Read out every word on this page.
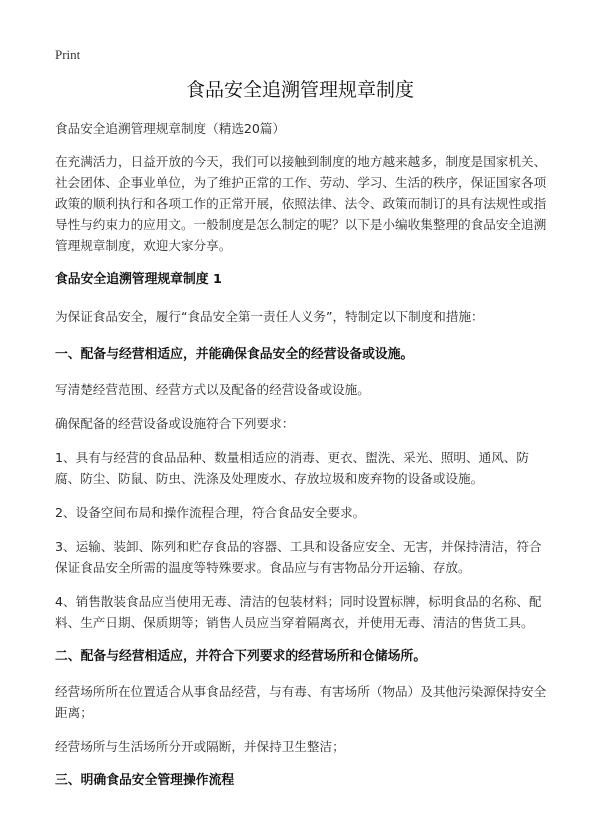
Print
食品安全追溯管理规章制度

食品安全追溯管理规章制度（精选20篇）

在充满活力，日益开放的今天，我们可以接触到制度的地方越来越多，制度是国家机关、社会团体、企事业单位，为了维护正常的工作、劳动、学习、生活的秩序，保证国家各项政策的顺利执行和各项工作的正常开展，依照法律、法令、政策而制订的具有法规性或指导性与约束力的应用文。一般制度是怎么制定的呢？以下是小编收集整理的食品安全追溯管理规章制度，欢迎大家分享。

食品安全追溯管理规章制度 1

为保证食品安全，履行“食品安全第一责任人义务”，特制定以下制度和措施：

一、配备与经营相适应，并能确保食品安全的经营设备或设施。

写清楚经营范围、经营方式以及配备的经营设备或设施。

确保配备的经营设备或设施符合下列要求：

1、具有与经营的食品品种、数量相适应的消毒、更衣、盥洗、采光、照明、通风、防腐、防尘、防鼠、防虫、洗涤及处理废水、存放垃圾和废弃物的设备或设施。

2、设备空间布局和操作流程合理，符合食品安全要求。

3、运输、装卸、陈列和贮存食品的容器、工具和设备应安全、无害，并保持清洁，符合保证食品安全所需的温度等特殊要求。食品应与有害物品分开运输、存放。

4、销售散装食品应当使用无毒、清洁的包装材料；同时设置标牌，标明食品的名称、配料、生产日期、保质期等；销售人员应当穿着隔离衣，并使用无毒、清洁的售货工具。

二、配备与经营相适应，并符合下列要求的经营场所和仓储场所。

经营场所所在位置适合从事食品经营，与有毒、有害场所（物品）及其他污染源保持安全距离；

经营场所与生活场所分开或隔断，并保持卫生整洁；

三、明确食品安全管理操作流程
